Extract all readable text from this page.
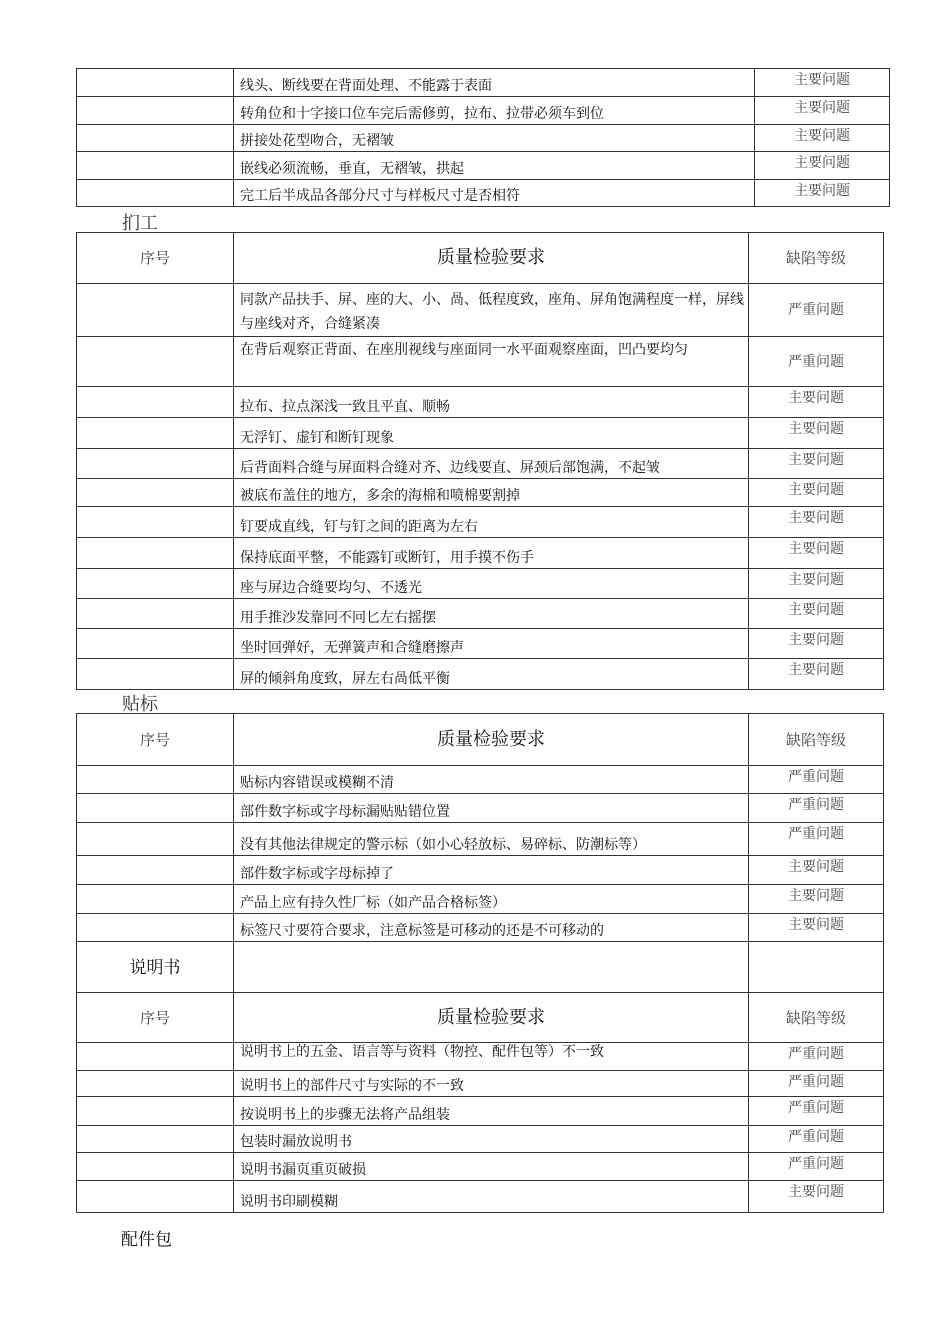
	线头、断线要在背面处理、不能露于表面	主要问题
	转角位和十字接口位车完后需修剪，拉布、拉带必须车到位	主要问题
	拼接处花型吻合，无褶皱	主要问题
	嵌线必须流畅，垂直，无褶皱，拱起	主要问题
	完工后半成品各部分尺寸与样板尺寸是否相符	主要问题
扪工
序号	质量检验要求	缺陷等级
	同款产品扶手、屏、座的大、小、咼、低程度致，座角、屏角饱满程度一样，屏线与座线对齐，合缝紧凑	严重问题
	在背后观察正背面、在座刖视线与座面同一水平面观察座面，凹凸要均匀	严重问题
	拉布、拉点深浅一致且平直、顺畅	主要问题
	无浮钉、虚钉和断钉现象	主要问题
	后背面料合缝与屏面料合缝对齐、边线要直、屏颈后部饱满，不起皱	主要问题
	被底布盖住的地方，多余的海棉和喷棉要割掉	主要问题
	钉要成直线，钉与钉之间的距离为左右	主要问题
	保持底面平整，不能露钉或断钉，用手摸不伤手	主要问题
	座与屏边合缝要均匀、不透光	主要问题
	用手推沙发靠冋不冋匕左右摇摆	主要问题
	坐时回弹好，无弹簧声和合缝磨擦声	主要问题
	屏的倾斜角度致，屏左右咼低平衡	主要问题
贴标
序号	质量检验要求	缺陷等级
	贴标内容错误或模糊不清	严重问题
	部件数字标或字母标漏贴贴错位置	严重问题
	没有其他法律规定的警示标（如小心轻放标、易碎标、防潮标等）	严重问题
	部件数字标或字母标掉了	主要问题
	产品上应有持久性厂标（如产品合格标签）	主要问题
	标签尺寸要符合要求，注意标签是可移动的还是不可移动的	主要问题
说明书		
序号	质量检验要求	缺陷等级
	说明书上的五金、语言等与资料（物控、配件包等）不一致	严重问题
	说明书上的部件尺寸与实际的不一致	严重问题
	按说明书上的步骤无法将产品组装	严重问题
	包装时漏放说明书	严重问题
	说明书漏页重页破损	严重问题
	说明书印刷模糊	主要问题
配件包
